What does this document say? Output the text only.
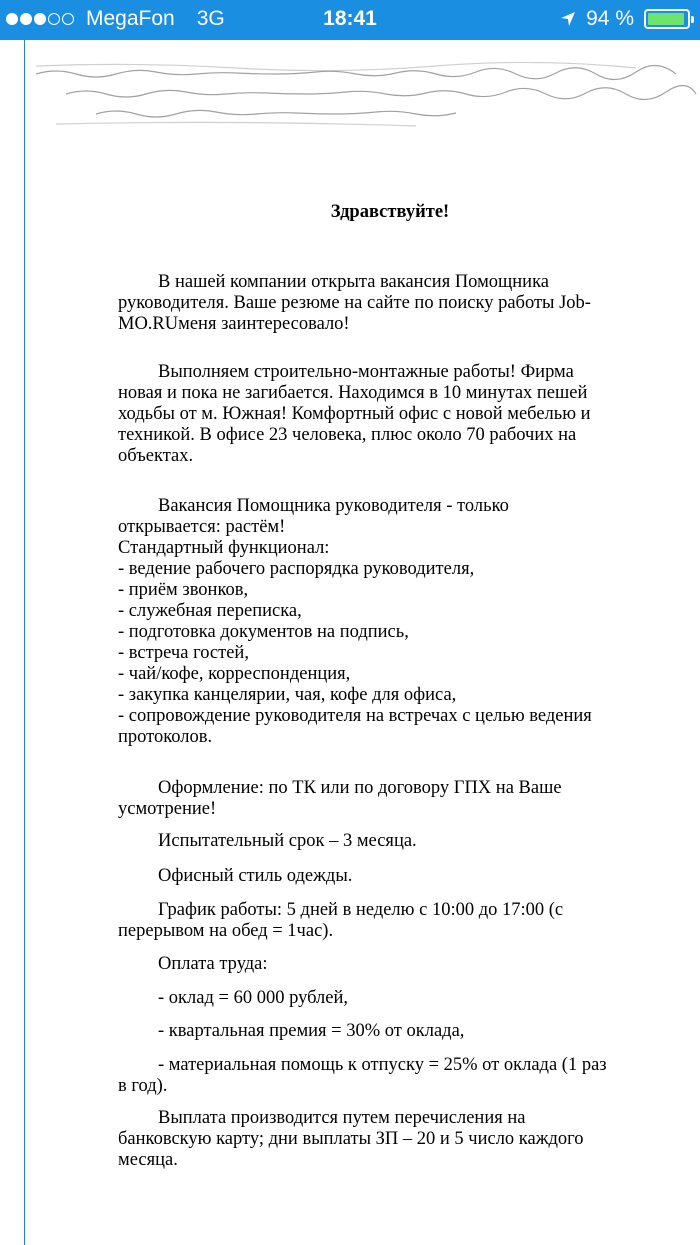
MegaFon 3G	18:41	94 %
Здравствуйте!
В нашей компании открыта вакансия Помощника
руководителя. Ваше резюме на сайте по поиску работы Job-
MO.RUменя заинтересовало!
Выполняем строительно-монтажные работы! Фирма
новая и пока не загибается. Находимся в 10 минутах пешей
ходьбы от м. Южная! Комфортный офис с новой мебелью и
техникой. В офисе 23 человека, плюс около 70 рабочих на
объектах.
Вакансия Помощника руководителя - только
открывается: растём!
Стандартный функционал:
- ведение рабочего распорядка руководителя,
- приём звонков,
- служебная переписка,
- подготовка документов на подпись,
- встреча гостей,
- чай/кофе, корреспонденция,
- закупка канцелярии, чая, кофе для офиса,
- сопровождение руководителя на встречах с целью ведения
протоколов.
Оформление: по ТК или по договору ГПХ на Ваше
усмотрение!
Испытательный срок – 3 месяца.
Офисный стиль одежды.
График работы: 5 дней в неделю с 10:00 до 17:00 (с
перерывом на обед = 1час).
Оплата труда:
- оклад = 60 000 рублей,
- квартальная премия = 30% от оклада,
- материальная помощь к отпуску = 25% от оклада (1 раз
в год).
Выплата производится путем перечисления на
банковскую карту; дни выплаты ЗП – 20 и 5 число каждого
месяца.
